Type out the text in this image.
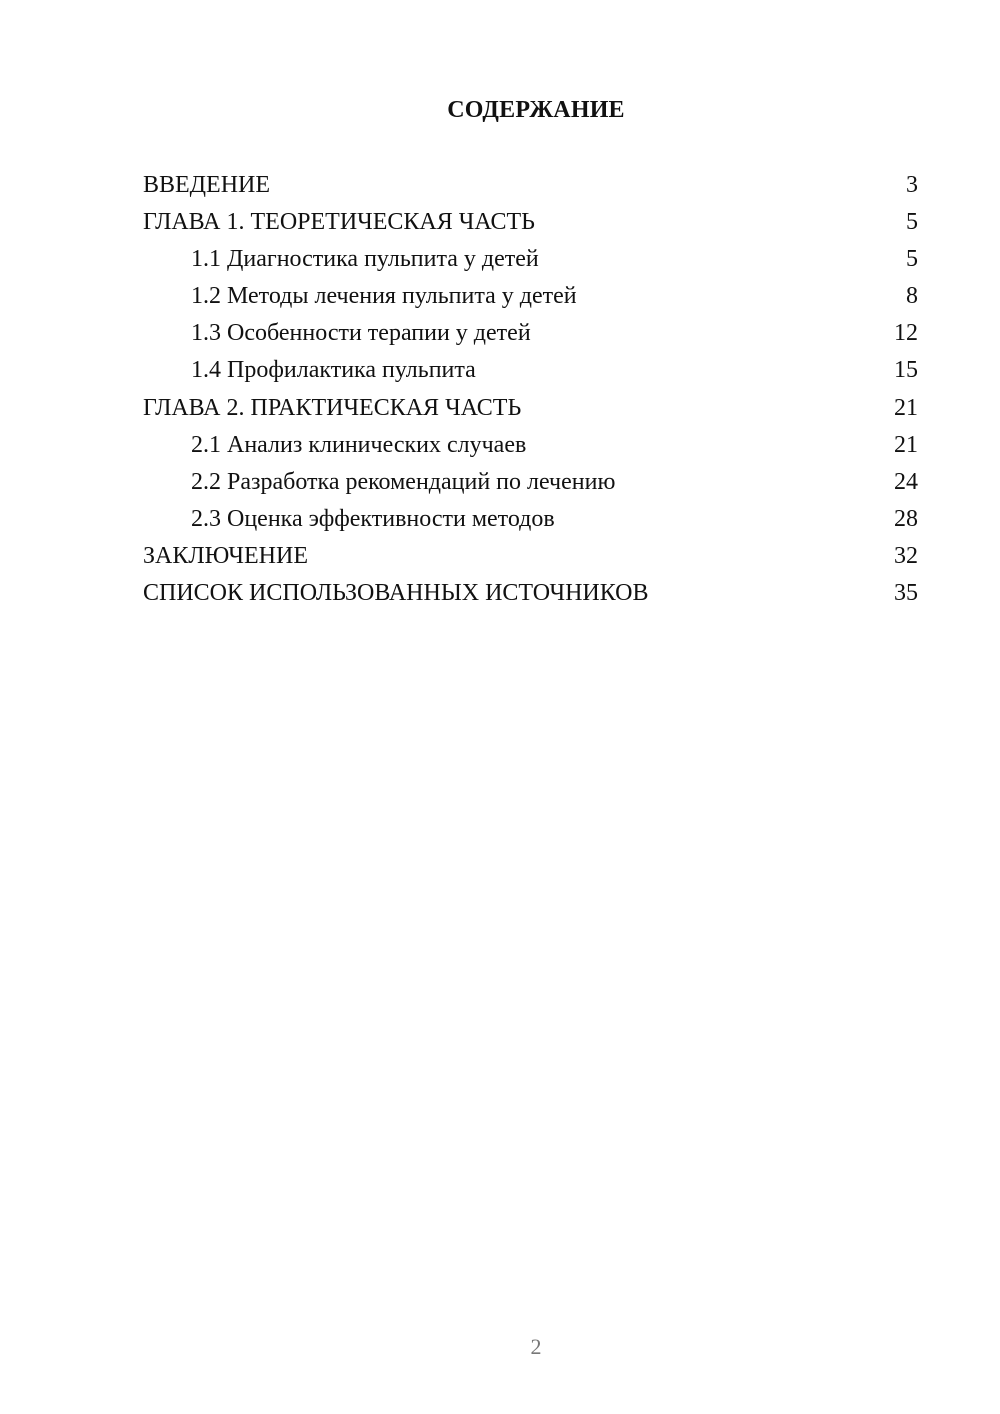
СОДЕРЖАНИЕ
ВВЕДЕНИЕ	3
ГЛАВА 1. ТЕОРЕТИЧЕСКАЯ ЧАСТЬ	5
1.1 Диагностика пульпита у детей	5
1.2 Методы лечения пульпита у детей	8
1.3 Особенности терапии у детей	12
1.4 Профилактика пульпита	15
ГЛАВА 2. ПРАКТИЧЕСКАЯ ЧАСТЬ	21
2.1 Анализ клинических случаев	21
2.2 Разработка рекомендаций по лечению	24
2.3 Оценка эффективности методов	28
ЗАКЛЮЧЕНИЕ	32
СПИСОК ИСПОЛЬЗОВАННЫХ ИСТОЧНИКОВ	35
2
